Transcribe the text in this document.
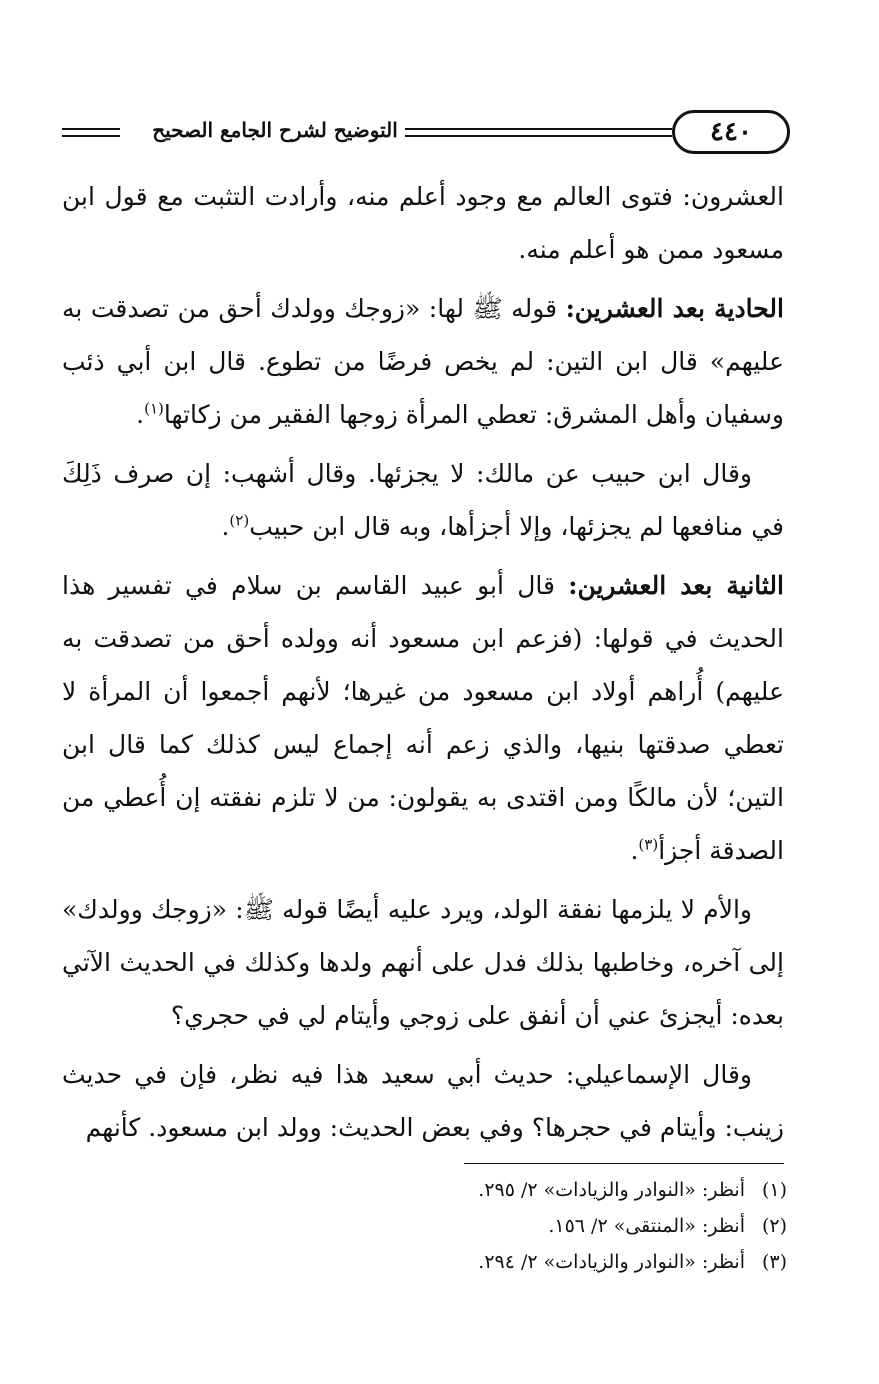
التوضيح لشرح الجامع الصحيح	٤٤٠

العشرون: فتوى العالم مع وجود أعلم منه، وأرادت التثبت مع قول ابن مسعود ممن هو أعلم منه.

الحادية بعد العشرين: قوله ﷺ لها: «زوجك وولدك أحق من تصدقت به عليهم» قال ابن التين: لم يخص فرضًا من تطوع. قال ابن أبي ذئب وسفيان وأهل المشرق: تعطي المرأة زوجها الفقير من زكاتها$^{(١)}$.

وقال ابن حبيب عن مالك: لا يجزئها. وقال أشهب: إن صرف ذَلِكَ في منافعها لم يجزئها، وإلا أجزأها، وبه قال ابن حبيب$^{(٢)}$.

الثانية بعد العشرين: قال أبو عبيد القاسم بن سلام في تفسير هذا الحديث في قولها: (فزعم ابن مسعود أنه وولده أحق من تصدقت به عليهم) أُراهم أولاد ابن مسعود من غيرها؛ لأنهم أجمعوا أن المرأة لا تعطي صدقتها بنيها، والذي زعم أنه إجماع ليس كذلك كما قال ابن التين؛ لأن مالكًا ومن اقتدى به يقولون: من لا تلزم نفقته إن أُعطي من الصدقة أجزأ$^{(٣)}$.

والأم لا يلزمها نفقة الولد، ويرد عليه أيضًا قوله ﷺ: «زوجك وولدك» إلى آخره، وخاطبها بذلك فدل على أنهم ولدها وكذلك في الحديث الآتي بعده: أيجزئ عني أن أنفق على زوجي وأيتام لي في حجري؟

وقال الإسماعيلي: حديث أبي سعيد هذا فيه نظر، فإن في حديث زينب: وأيتام في حجرها؟ وفي بعض الحديث: وولد ابن مسعود. كأنهم

(١)
أنظر: «النوادر والزيادات» ٢/ ٢٩٥.
(٢)
أنظر: «المنتقى» ٢/ ١٥٦.
(٣)
أنظر: «النوادر والزيادات» ٢/ ٢٩٤.
